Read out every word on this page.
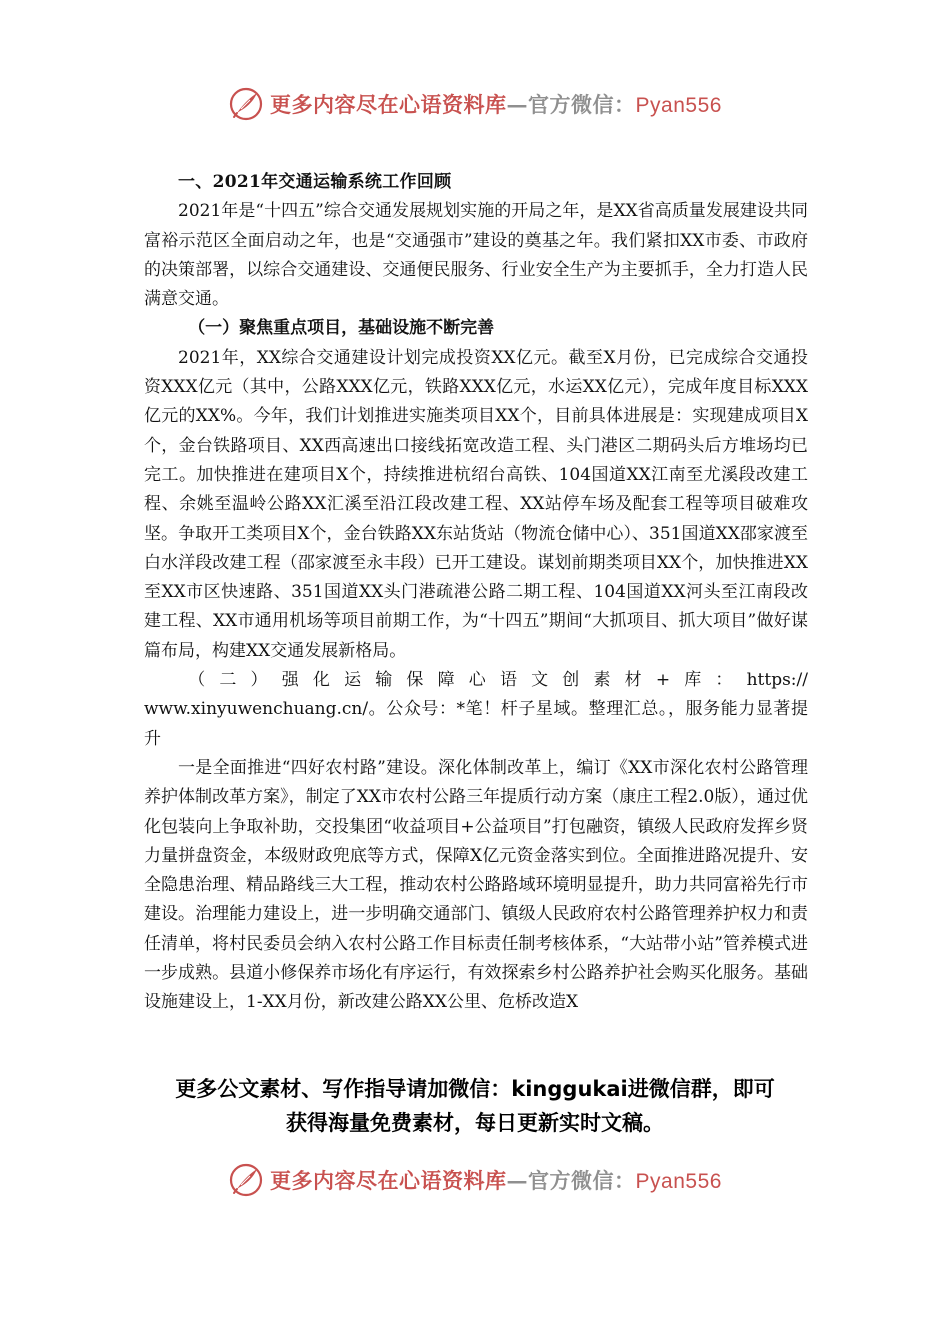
更多内容尽在心语资料库—官方微信：Pyan556

一、2021年交通运输系统工作回顾

2021年是“十四五”综合交通发展规划实施的开局之年，是XX省高质量发展建设共同富裕示范区全面启动之年，也是“交通强市”建设的奠基之年。我们紧扣XX市委、市政府的决策部署，以综合交通建设、交通便民服务、行业安全生产为主要抓手，全力打造人民满意交通。

（一）聚焦重点项目，基础设施不断完善

2021年，XX综合交通建设计划完成投资XX亿元。截至X月份，已完成综合交通投资XXX亿元（其中，公路XXX亿元，铁路XXX亿元，水运XX亿元），完成年度目标XXX亿元的XX%。今年，我们计划推进实施类项目XX个，目前具体进展是：实现建成项目X个，金台铁路项目、XX西高速出口接线拓宽改造工程、头门港区二期码头后方堆场均已完工。加快推进在建项目X个，持续推进杭绍台高铁、104国道XX江南至尤溪段改建工程、余姚至温岭公路XX汇溪至沿江段改建工程、XX站停车场及配套工程等项目破难攻坚。争取开工类项目X个，金台铁路XX东站货站（物流仓储中心）、351国道XX邵家渡至白水洋段改建工程（邵家渡至永丰段）已开工建设。谋划前期类项目XX个，加快推进XX至XX市区快速路、351国道XX头门港疏港公路二期工程、104国道XX河头至江南段改建工程、XX市通用机场等项目前期工作，为“十四五”期间“大抓项目、抓大项目”做好谋篇布局，构建XX交通发展新格局。

（二）强化运输保障心语文创素材+库：https://www.xinyuwenchuang.cn/。公众号：*笔！杆子星域。整理汇总。，服务能力显著提升

一是全面推进“四好农村路”建设。深化体制改革上，编订《XX市深化农村公路管理养护体制改革方案》，制定了XX市农村公路三年提质行动方案（康庄工程2.0版），通过优化包装向上争取补助，交投集团“收益项目+公益项目”打包融资，镇级人民政府发挥乡贤力量拼盘资金，本级财政兜底等方式，保障X亿元资金落实到位。全面推进路况提升、安全隐患治理、精品路线三大工程，推动农村公路路域环境明显提升，助力共同富裕先行市建设。治理能力建设上，进一步明确交通部门、镇级人民政府农村公路管理养护权力和责任清单，将村民委员会纳入农村公路工作目标责任制考核体系，“大站带小站”管养模式进一步成熟。县道小修保养市场化有序运行，有效探索乡村公路养护社会购买化服务。基础设施建设上，1-XX月份，新改建公路XX公里、危桥改造X

更多公文素材、写作指导请加微信：kinggukai进微信群，即可
获得海量免费素材，每日更新实时文稿。
更多内容尽在心语资料库—官方微信：Pyan556
